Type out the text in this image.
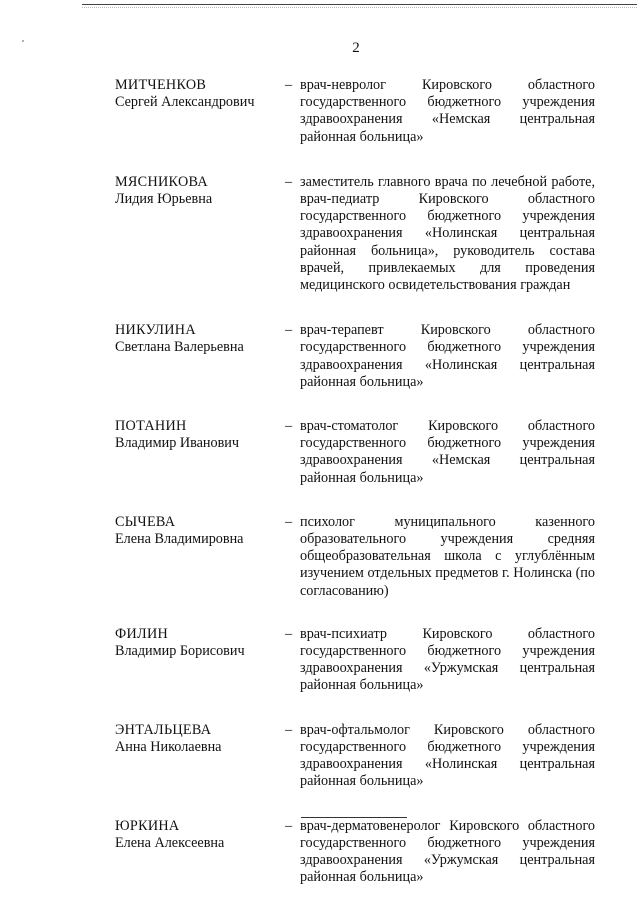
2
МИТЧЕНКОВ
Сергей Александрович
– врач-невролог Кировского областного государственного бюджетного учреждения здравоохранения «Немская центральная районная больница»
МЯСНИКОВА
Лидия Юрьевна
– заместитель главного врача по лечебной работе, врач-педиатр Кировского областного государственного бюджетного учреждения здравоохранения «Нолинская центральная районная больница», руководитель состава врачей, привлекаемых для проведения медицинского освидетельствования граждан
НИКУЛИНА
Светлана Валерьевна
– врач-терапевт Кировского областного государственного бюджетного учреждения здравоохранения «Нолинская центральная районная больница»
ПОТАНИН
Владимир Иванович
– врач-стоматолог Кировского областного государственного бюджетного учреждения здравоохранения «Немская центральная районная больница»
СЫЧЕВА
Елена Владимировна
– психолог муниципального казенного образовательного учреждения средняя общеобразовательная школа с углублённым изучением отдельных предметов г. Нолинска (по согласованию)
ФИЛИН
Владимир Борисович
– врач-психиатр Кировского областного государственного бюджетного учреждения здравоохранения «Уржумская центральная районная больница»
ЭНТАЛЬЦЕВА
Анна Николаевна
– врач-офтальмолог Кировского областного государственного бюджетного учреждения здравоохранения «Нолинская центральная районная больница»
ЮРКИНА
Елена Алексеевна
– врач-дерматовенеролог Кировского областного государственного бюджетного учреждения здравоохранения «Уржумская центральная районная больница»
